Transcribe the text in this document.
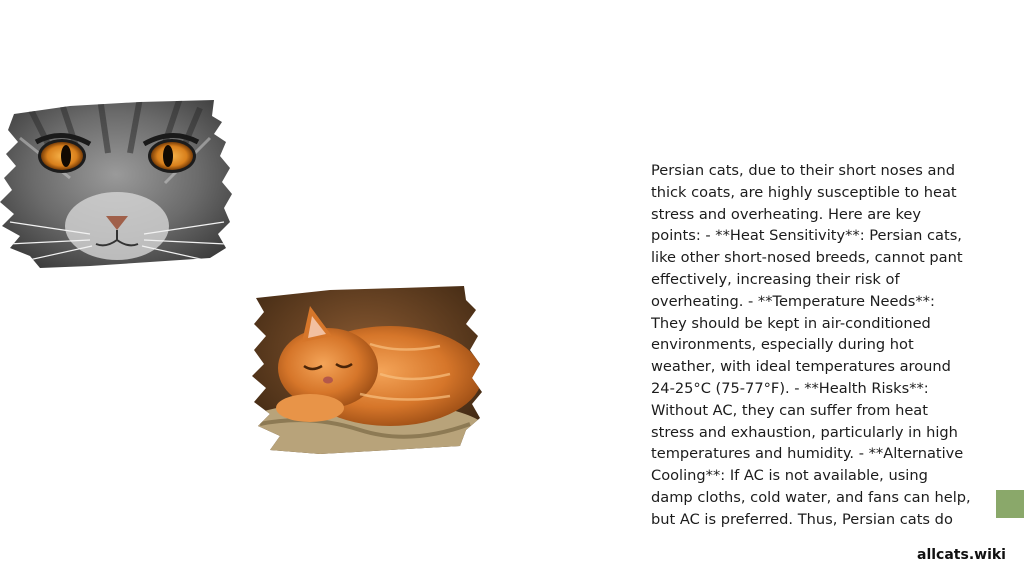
Persian cats, due to their short noses and thick coats, are highly susceptible to heat stress and overheating. Here are key points: - **Heat Sensitivity**: Persian cats, like other short-nosed breeds, cannot pant effectively, increasing their risk of overheating. - **Temperature Needs**: They should be kept in air-conditioned environments, especially during hot weather, with ideal temperatures around 24-25°C (75-77°F). - **Health Risks**: Without AC, they can suffer from heat stress and exhaustion, particularly in high temperatures and humidity. - **Alternative Cooling**: If AC is not available, using damp cloths, cold water, and fans can help, but AC is preferred. Thus, Persian cats do

allcats.wiki
